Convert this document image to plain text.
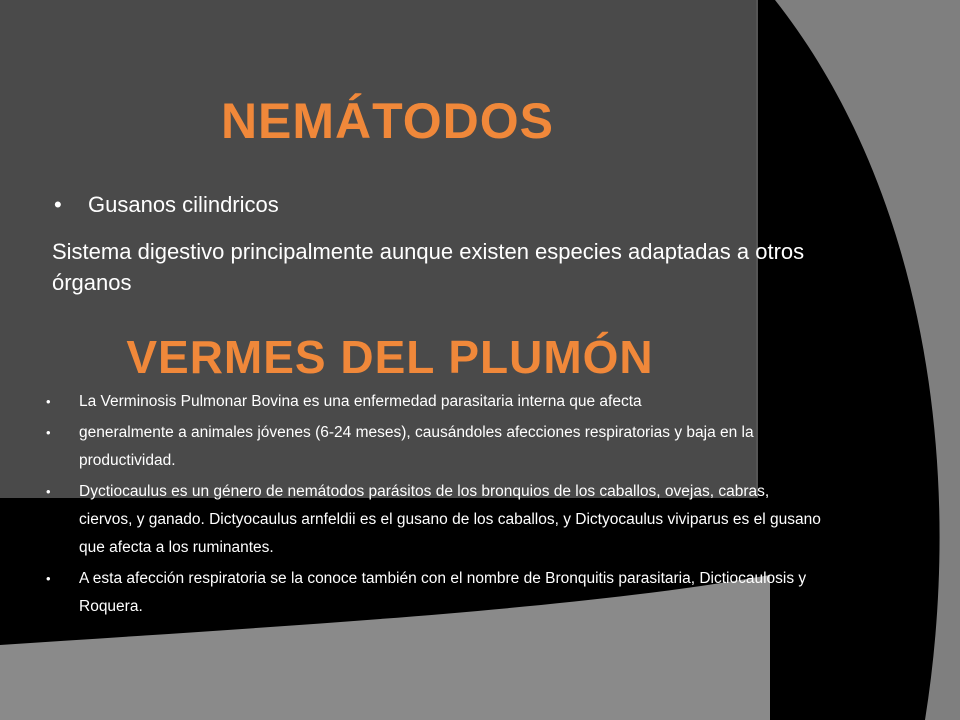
NEMÁTODOS
• Gusanos cilindricos
Sistema digestivo principalmente aunque existen especies adaptadas a otros órganos
VERMES DEL PLUMÓN
• La Verminosis Pulmonar Bovina es una enfermedad parasitaria interna que afecta
• generalmente a animales jóvenes (6-24 meses), causándoles afecciones respiratorias y baja en la productividad.
• Dyctiocaulus es un género de nemátodos parásitos de los bronquios de los caballos, ovejas, cabras, ciervos, y ganado. Dictyocaulus arnfeldii es el gusano de los caballos, y Dictyocaulus viviparus es el gusano que afecta a los ruminantes.
• A esta afección respiratoria se la conoce también con el nombre de Bronquitis parasitaria, Dictiocaulosis y Roquera.
